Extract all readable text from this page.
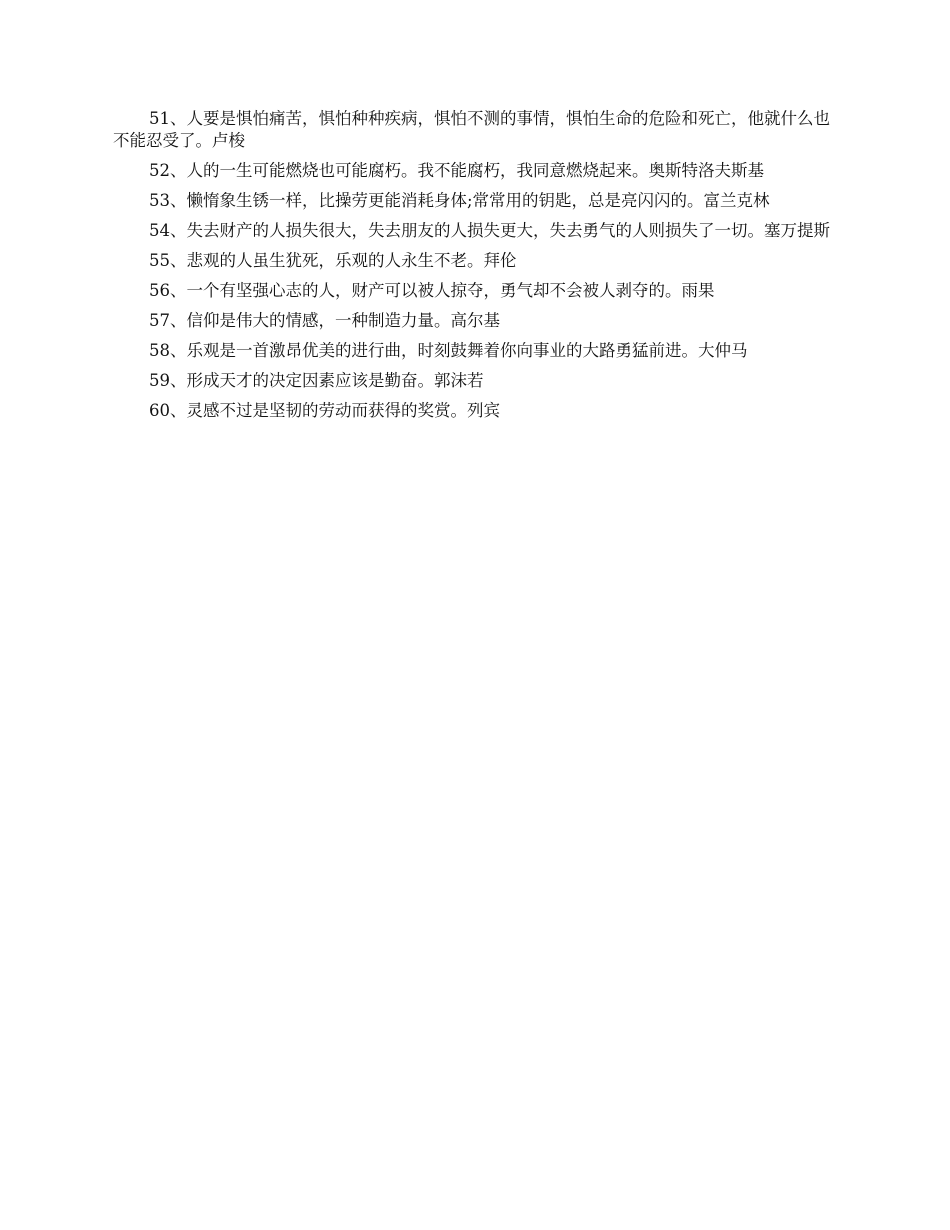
51、人要是惧怕痛苦，惧怕种种疾病，惧怕不测的事情，惧怕生命的危险和死亡，他就什么也不能忍受了。卢梭

52、人的一生可能燃烧也可能腐朽。我不能腐朽，我同意燃烧起来。奥斯特洛夫斯基

53、懒惰象生锈一样，比操劳更能消耗身体;常常用的钥匙，总是亮闪闪的。富兰克林

54、失去财产的人损失很大，失去朋友的人损失更大，失去勇气的人则损失了一切。塞万提斯

55、悲观的人虽生犹死，乐观的人永生不老。拜伦

56、一个有坚强心志的人，财产可以被人掠夺，勇气却不会被人剥夺的。雨果

57、信仰是伟大的情感，一种制造力量。高尔基

58、乐观是一首激昂优美的进行曲，时刻鼓舞着你向事业的大路勇猛前进。大仲马

59、形成天才的决定因素应该是勤奋。郭沫若

60、灵感不过是坚韧的劳动而获得的奖赏。列宾
